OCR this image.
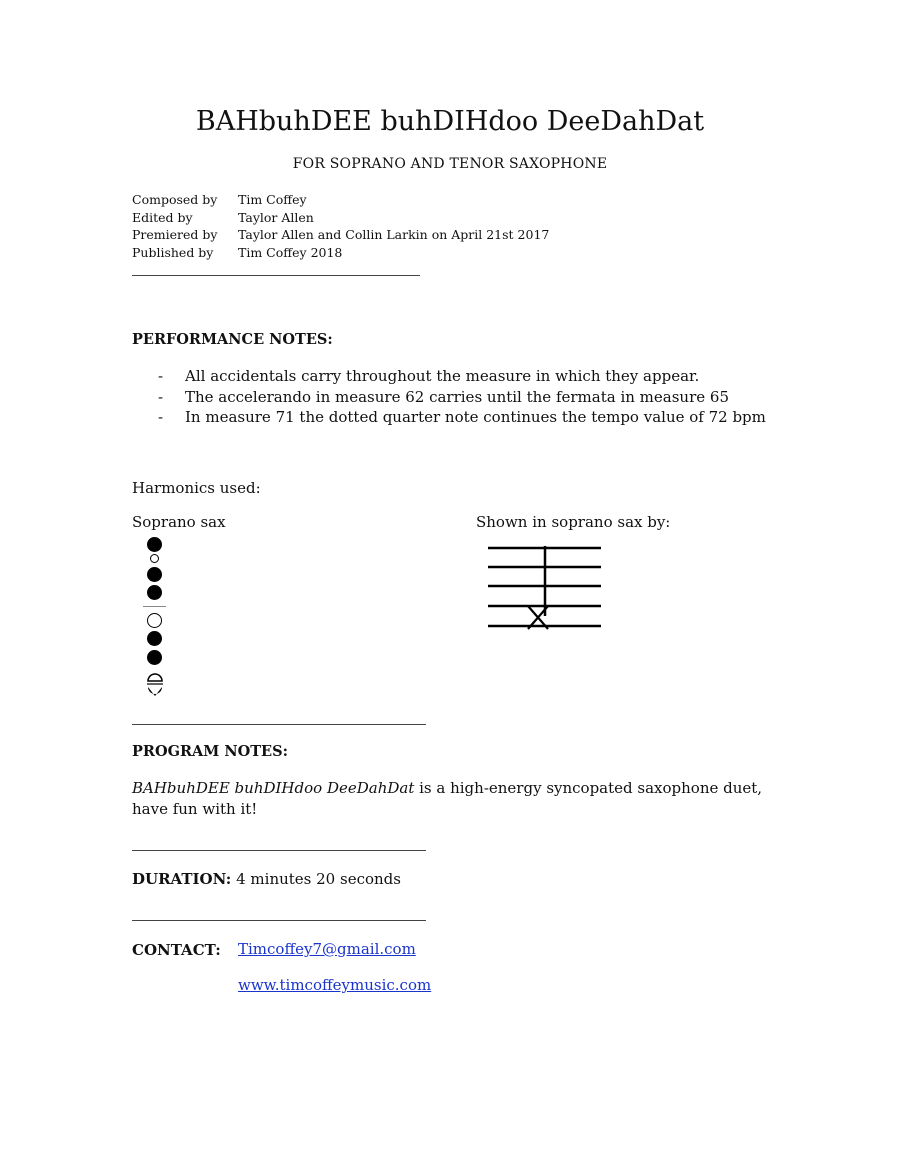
BAHbuhDEE buhDIHdoo DeeDahDat
FOR SOPRANO AND TENOR SAXOPHONE
Composed by	Tim Coffey
Edited by	Taylor Allen
Premiered by	Taylor Allen and Collin Larkin on April 21st 2017
Published by	Tim Coffey 2018
PERFORMANCE NOTES:
-	All accidentals carry throughout the measure in which they appear.
-	The accelerando in measure 62 carries until the fermata in measure 65
-	In measure 71 the dotted quarter note continues the tempo value of 72 bpm
Harmonics used:
Soprano sax	Shown in soprano sax by:
PROGRAM NOTES:
BAHbuhDEE buhDIHdoo DeeDahDat is a high-energy syncopated saxophone duet,
have fun with it!
DURATION: 4 minutes 20 seconds
CONTACT: Timcoffey7@gmail.com
www.timcoffeymusic.com
